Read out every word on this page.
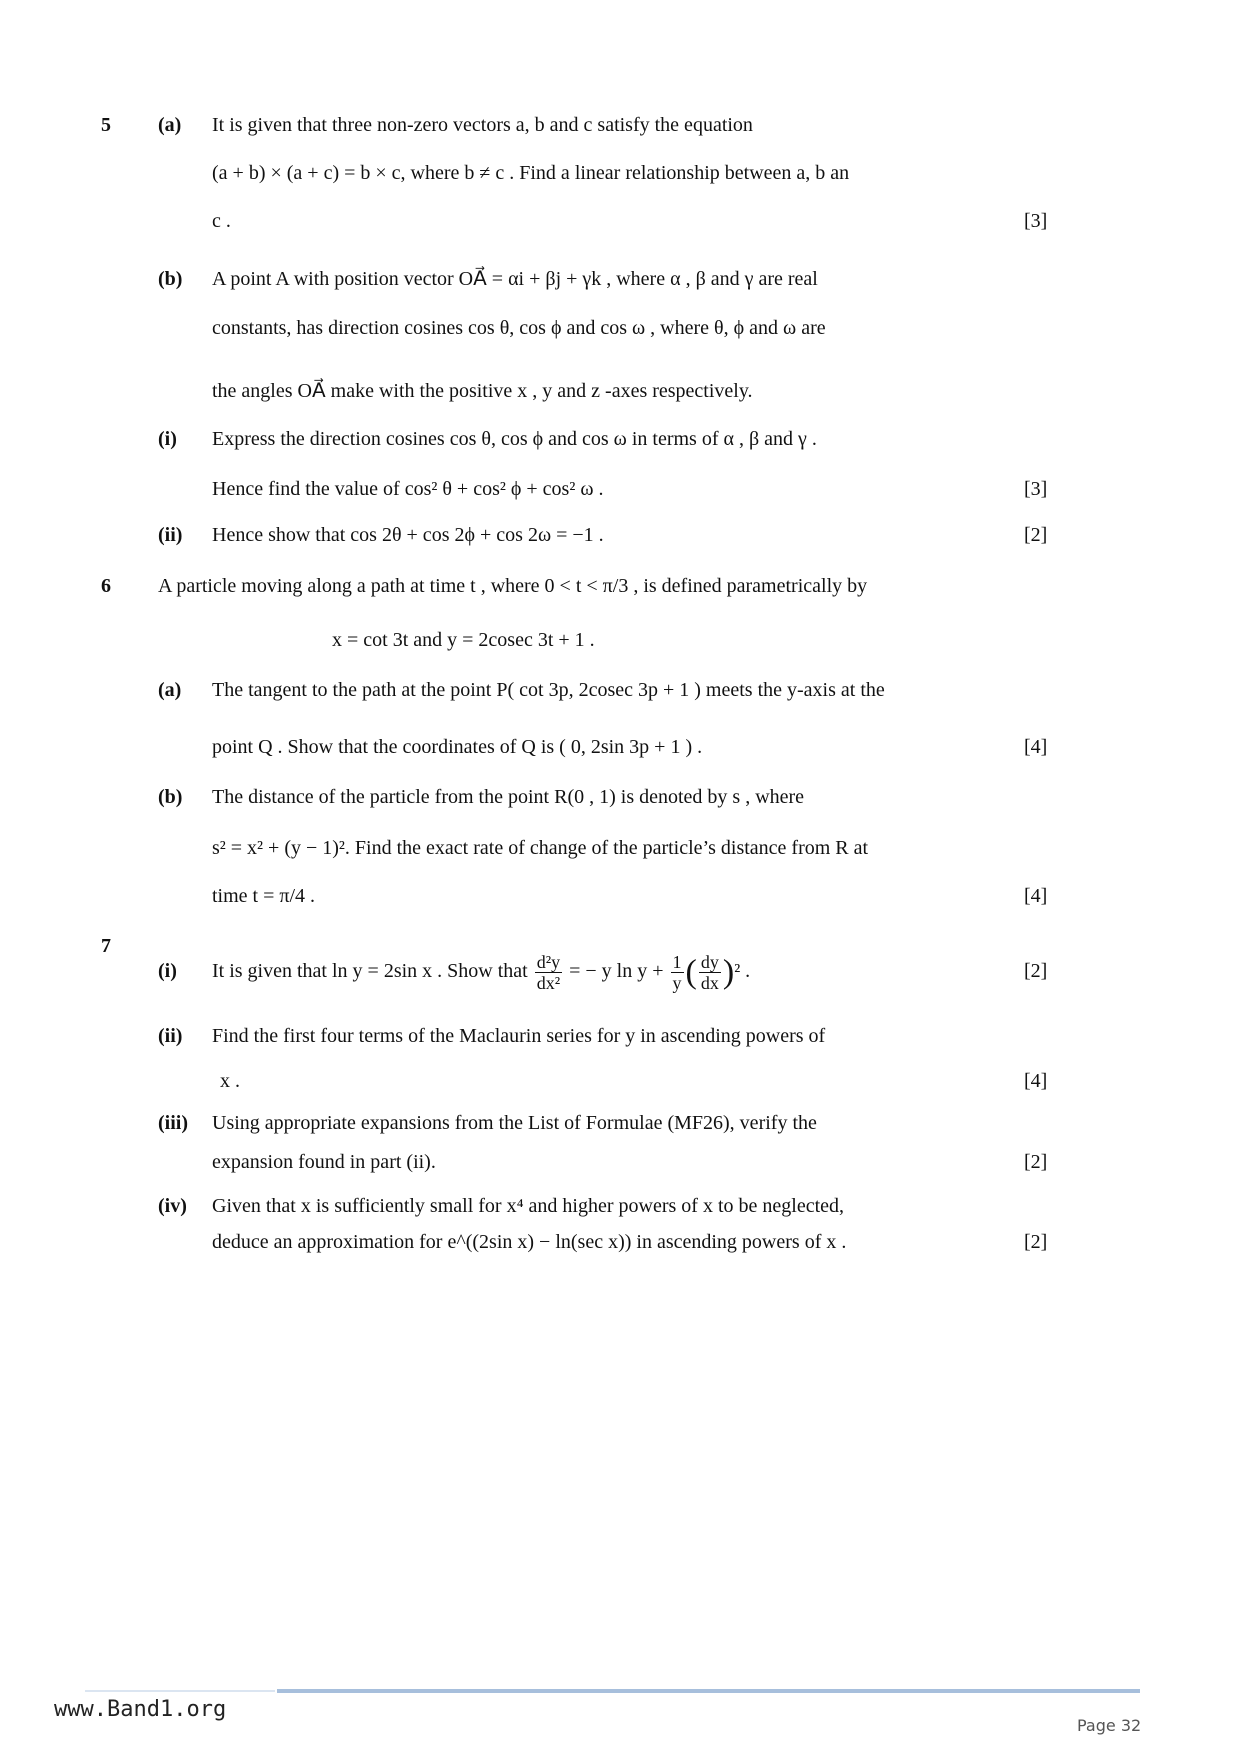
5 (a) It is given that three non-zero vectors a, b and c satisfy the equation
(a + b) × (a + c) = b × c, where b ≠ c . Find a linear relationship between a, b an
c .	[3]
(b) A point A with position vector OA⃗ = αi + βj + γk , where α , β and γ are real
constants, has direction cosines cos θ, cos ϕ and cos ω , where θ, ϕ and ω are
the angles OA⃗ make with the positive x , y and z -axes respectively.
(i) Express the direction cosines cos θ, cos ϕ and cos ω in terms of α , β and γ .
Hence find the value of cos² θ + cos² ϕ + cos² ω .	[3]
(ii) Hence show that cos 2θ + cos 2ϕ + cos 2ω = −1 .	[2]
6 A particle moving along a path at time t , where 0 < t < π/3 , is defined parametrically by
x = cot 3t and y = 2cosec 3t + 1 .
(a) The tangent to the path at the point P( cot 3p, 2cosec 3p + 1 ) meets the y-axis at the
point Q . Show that the coordinates of Q is ( 0, 2sin 3p + 1 ) .	[4]
(b) The distance of the particle from the point R(0 , 1) is denoted by s , where
s² = x² + (y − 1)². Find the exact rate of change of the particle’s distance from R at
time t = π/4 .	[4]
7
(i) It is given that ln y = 2sin x . Show that $\frac{\text{d²y}}{\text{dx²}}$ = − y $\ln y + \frac{1}{y}$ ( $\frac{dy}{dx} )^2$ .	[2]
(ii) Find the first four terms of the Maclaurin series for y in ascending powers of
x .	[4]
(iii) Using appropriate expansions from the List of Formulae (MF26), verify the
expansion found in part (ii).	[2]
(iv) Given that x is sufficiently small for x⁴ and higher powers of x to be neglected,
deduce an approximation for e^((2sin x) − ln(sec x)) in ascending powers of x .	[2]
www.Band1.org
Page 32
